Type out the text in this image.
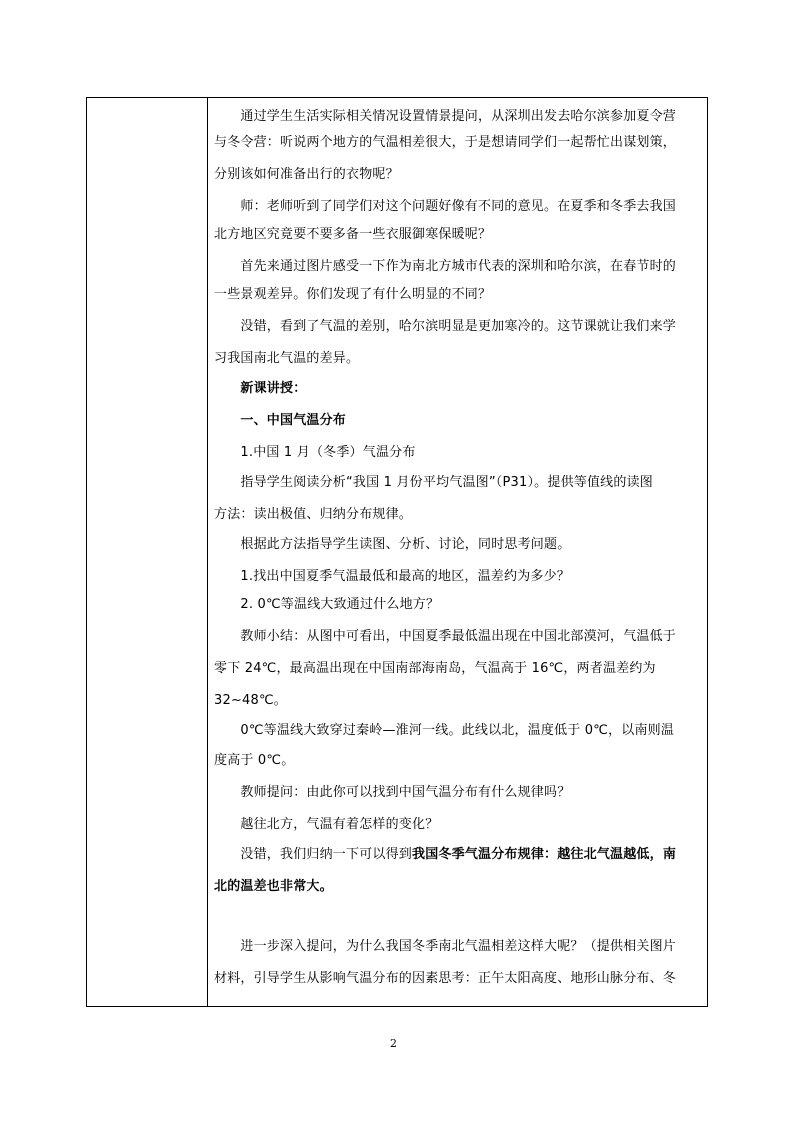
　　通过学生生活实际相关情况设置情景提问，从深圳出发去哈尔滨参加夏令营
与冬令营：听说两个地方的气温相差很大，于是想请同学们一起帮忙出谋划策，
分别该如何准备出行的衣物呢？
　　师：老师听到了同学们对这个问题好像有不同的意见。在夏季和冬季去我国
北方地区究竟要不要多备一些衣服御寒保暖呢？
　　首先来通过图片感受一下作为南北方城市代表的深圳和哈尔滨，在春节时的
一些景观差异。你们发现了有什么明显的不同？
　　没错，看到了气温的差别，哈尔滨明显是更加寒冷的。这节课就让我们来学
习我国南北气温的差异。
　　新课讲授：
　　一、中国气温分布
　　1.中国 1 月（冬季）气温分布
　　指导学生阅读分析“我国 1 月份平均气温图”（P31）。提供等值线的读图
方法：读出极值、归纳分布规律。
　　根据此方法指导学生读图、分析、讨论，同时思考问题。
　　1.找出中国夏季气温最低和最高的地区，温差约为多少？
　　2. 0℃等温线大致通过什么地方？
　　教师小结：从图中可看出，中国夏季最低温出现在中国北部漠河，气温低于
零下 24℃，最高温出现在中国南部海南岛，气温高于 16℃，两者温差约为
32~48℃。
　　0℃等温线大致穿过秦岭—淮河一线。此线以北，温度低于 0℃，以南则温
度高于 0℃。
　　教师提问：由此你可以找到中国气温分布有什么规律吗？
　　越往北方，气温有着怎样的变化？
　　没错，我们归纳一下可以得到我国冬季气温分布规律：越往北气温越低，南
北的温差也非常大。
　　进一步深入提问，为什么我国冬季南北气温相差这样大呢？（提供相关图片
材料，引导学生从影响气温分布的因素思考：正午太阳高度、地形山脉分布、冬
2
